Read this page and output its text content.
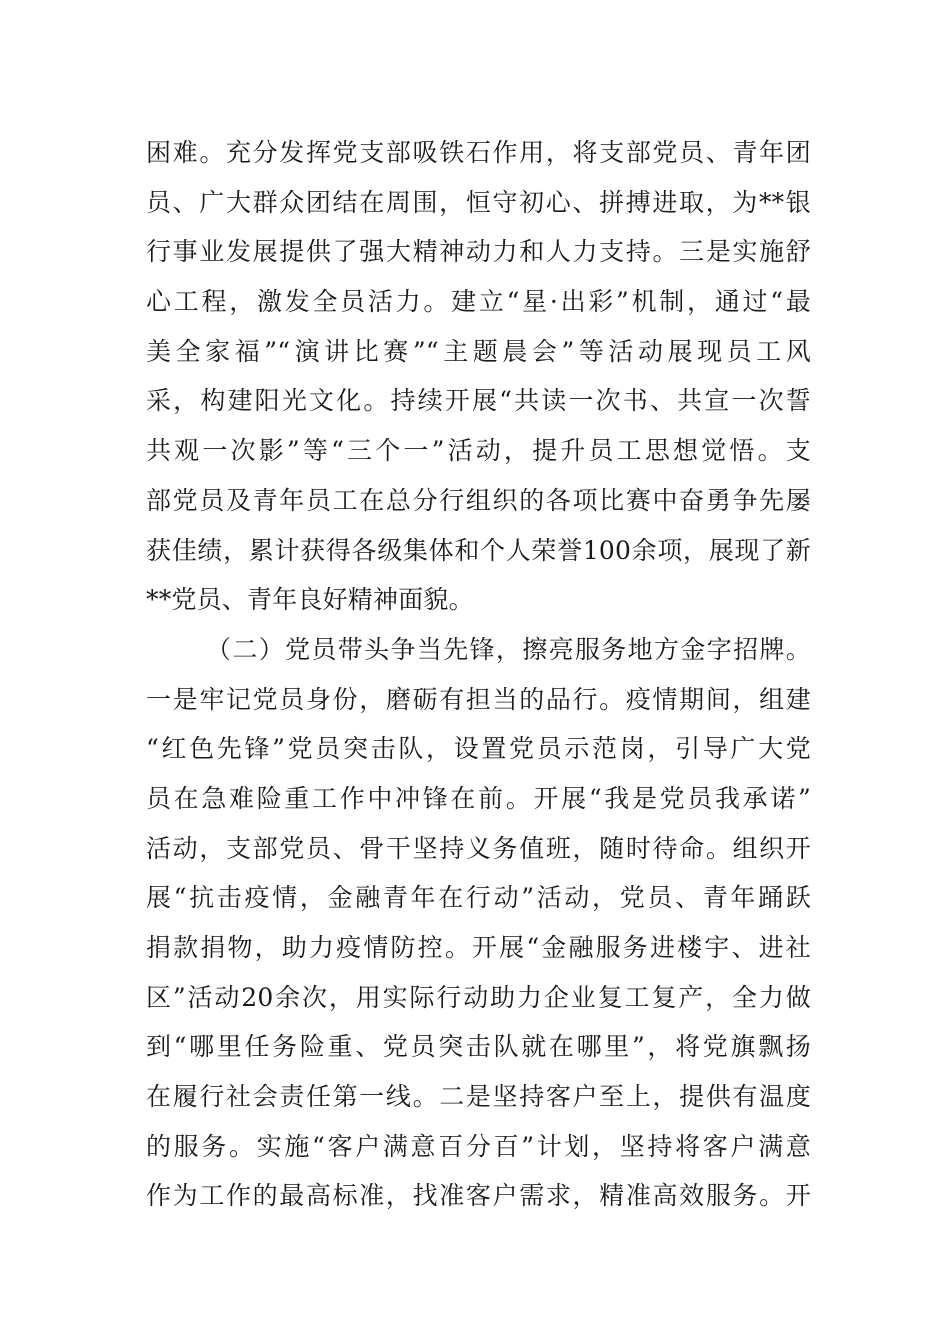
困难。充分发挥党支部吸铁石作用，将支部党员、青年团
员、广大群众团结在周围，恒守初心、拼搏进取，为**银
行事业发展提供了强大精神动力和人力支持。三是实施舒
心工程，激发全员活力。建立“星·出彩”机制，通过“最
美全家福”“演讲比赛”“主题晨会”等活动展现员工风
采，构建阳光文化。持续开展“共读一次书、共宣一次誓
共观一次影”等“三个一”活动，提升员工思想觉悟。支
部党员及青年员工在总分行组织的各项比赛中奋勇争先屡
获佳绩，累计获得各级集体和个人荣誉100余项，展现了新
**党员、青年良好精神面貌。
（二）党员带头争当先锋，擦亮服务地方金字招牌。
一是牢记党员身份，磨砺有担当的品行。疫情期间，组建
“红色先锋”党员突击队，设置党员示范岗，引导广大党
员在急难险重工作中冲锋在前。开展“我是党员我承诺”
活动，支部党员、骨干坚持义务值班，随时待命。组织开
展“抗击疫情，金融青年在行动”活动，党员、青年踊跃
捐款捐物，助力疫情防控。开展“金融服务进楼宇、进社
区”活动20余次，用实际行动助力企业复工复产，全力做
到“哪里任务险重、党员突击队就在哪里”，将党旗飘扬
在履行社会责任第一线。二是坚持客户至上，提供有温度
的服务。实施“客户满意百分百”计划，坚持将客户满意
作为工作的最高标准，找准客户需求，精准高效服务。开
